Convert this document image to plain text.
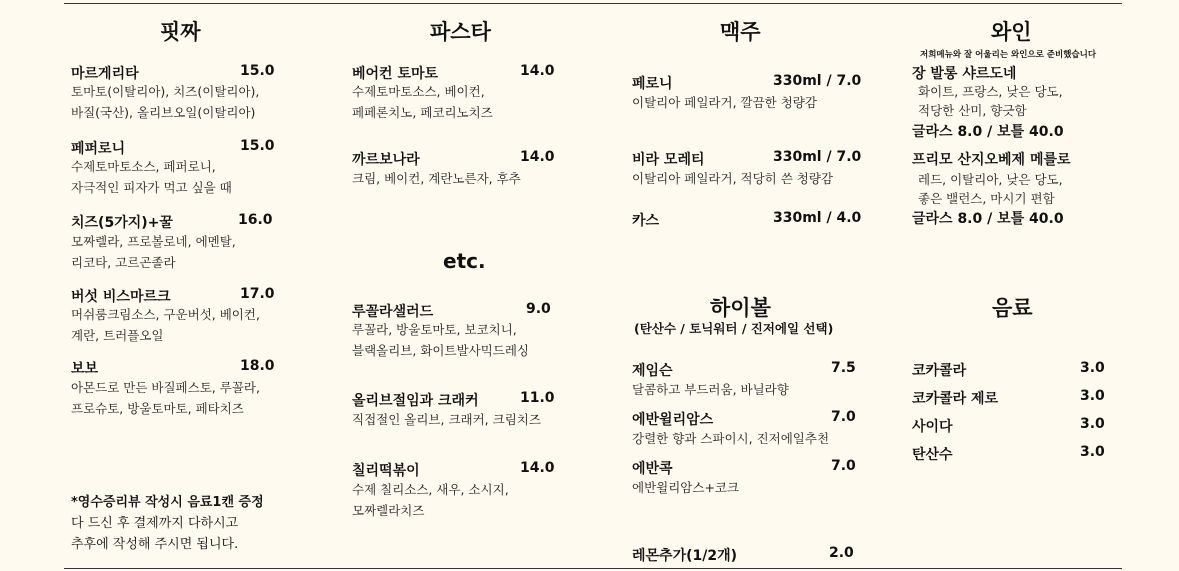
핏짜
마르게리타	15.0
토마토(이탈리아), 치즈(이탈리아),
바질(국산), 올리브오일(이탈리아)
페퍼로니	15.0
수제토마토소스, 페퍼로니,
자극적인 피자가 먹고 싶을 때
치즈(5가지)+꿀	16.0
모짜렐라, 프로볼로네, 에멘탈,
리코타, 고르곤졸라
버섯 비스마르크	17.0
머쉬룸크림소스, 구운버섯, 베이컨,
계란, 트러플오일
보보	18.0
아몬드로 만든 바질페스토, 루꼴라,
프로슈토, 방울토마토, 페타치즈
*영수증리뷰 작성시 음료1캔 증정
다 드신 후 결제까지 다하시고
추후에 작성해 주시면 됩니다.
파스타
베어컨 토마토	14.0
수제토마토소스, 베이컨,
페페론치노, 페코리노치즈
까르보나라	14.0
크림, 베이컨, 계란노른자, 후추
etc.
루꼴라샐러드	9.0
루꼴라, 방울토마토, 보코치니,
블랙올리브, 화이트발사믹드레싱
올리브절임과 크래커	11.0
직접절인 올리브, 크래커, 크림치즈
칠리떡볶이	14.0
수제 칠리소스, 새우, 소시지,
모짜렐라치즈
맥주
페로니	330ml / 7.0
이탈리아 페일라거, 깔끔한 청량감
비라 모레티	330ml / 7.0
이탈리아 페일라거, 적당히 쓴 청량감
카스	330ml / 4.0
하이볼
(탄산수 / 토닉워터 / 진저에일 선택)
제임슨	7.5
달콤하고 부드러움, 바닐라향
에반윌리암스	7.0
강렬한 향과 스파이시, 진저에일추천
에반콕	7.0
에반윌리암스+코크
레몬추가(1/2개)	2.0
와인
저희메뉴와 잘 어울리는 와인으로 준비했습니다
장 발롱 샤르도네
화이트, 프랑스, 낮은 당도,
적당한 산미, 향긋함
글라스 8.0 / 보틀 40.0
프리모 산지오베제 메를로
레드, 이탈리아, 낮은 당도,
좋은 밸런스, 마시기 편함
글라스 8.0 / 보틀 40.0
음료
코카콜라	3.0
코카콜라 제로	3.0
사이다	3.0
탄산수	3.0
